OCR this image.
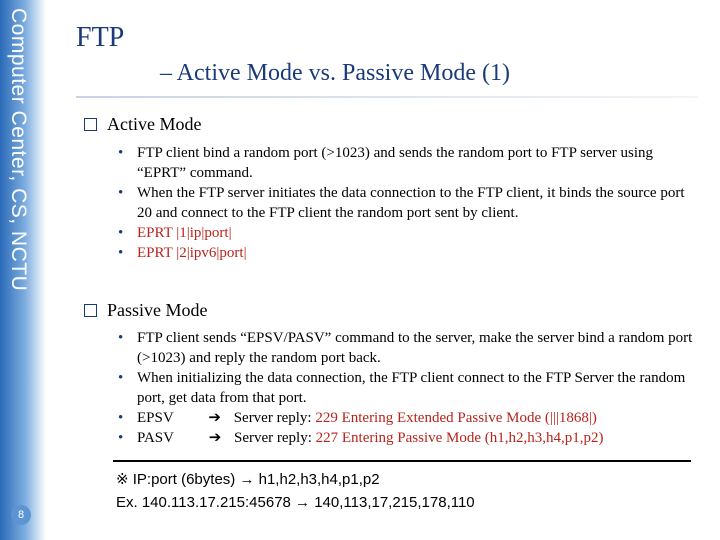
Computer Center, CS, NCTU
8
FTP
– Active Mode vs. Passive Mode (1)
Active Mode
• FTP client bind a random port (>1023) and sends the random port to FTP server using “EPRT” command.
• When the FTP server initiates the data connection to the FTP client, it binds the source port 20 and connect to the FTP client the random port sent by client.
• EPRT |1|ip|port|
• EPRT |2|ipv6|port|
Passive Mode
• FTP client sends “EPSV/PASV” command to the server, make the server bind a random port (>1023) and reply the random port back.
• When initializing the data connection, the FTP client connect to the FTP Server the random port, get data from that port.
• EPSV ➔ Server reply: 229 Entering Extended Passive Mode (|||1868|)
• PASV ➔ Server reply: 227 Entering Passive Mode (h1,h2,h3,h4,p1,p2)
※ IP:port (6bytes) → h1,h2,h3,h4,p1,p2
Ex. 140.113.17.215:45678 → 140,113,17,215,178,110
